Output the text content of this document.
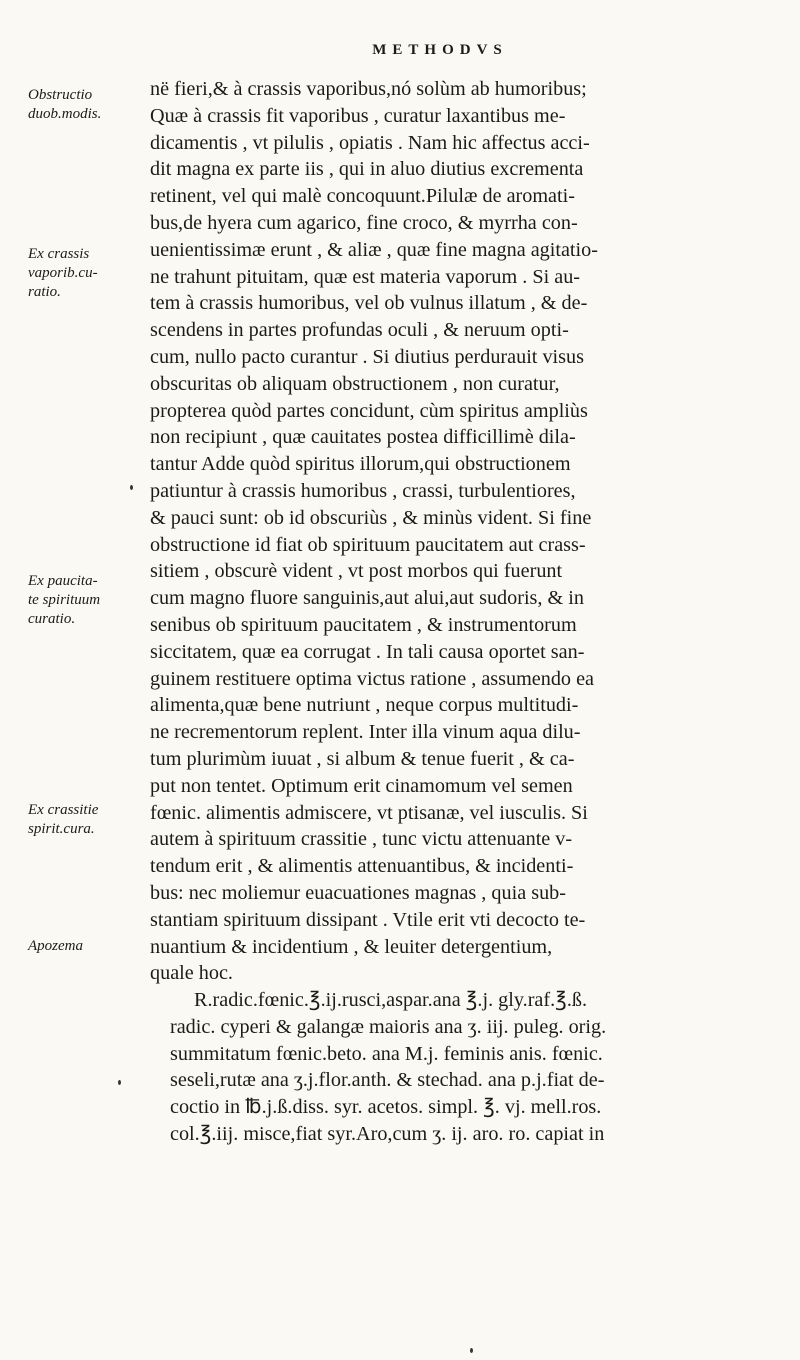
METHODVS
Obstructio
duob.modis.
Ex crassis
vaporib.cu-
ratio.
Ex paucita-
te spirituum
curatio.
Ex crassitie
spirit.cura.
Apozema
në fieri,& à crassis vaporibus,nó solùm ab humoribus;
Quæ à crassis fit vaporibus , curatur laxantibus me-
dicamentis , vt pilulis , opiatis . Nam hic affectus acci-
dit magna ex parte iis , qui in aluo diutius excrementa
retinent, vel qui malè concoquunt.Pilulæ de aromati-
bus,de hyera cum agarico, fine croco, & myrrha con-
uenientissimæ erunt , & aliæ , quæ fine magna agitatio-
ne trahunt pituitam, quæ est materia vaporum . Si au-
tem à crassis humoribus, vel ob vulnus illatum , & de-
scendens in partes profundas oculi , & neruum opti-
cum, nullo pacto curantur . Si diutius perdurauit visus
obscuritas ob aliquam obstructionem , non curatur,
propterea quòd partes concidunt, cùm spiritus ampliùs
non recipiunt , quæ cauitates postea difficillimè dila-
tantur Adde quòd spiritus illorum,qui obstructionem
patiuntur à crassis humoribus , crassi, turbulentiores,
& pauci sunt: ob id obscuriùs , & minùs vident. Si fine
obstructione id fiat ob spirituum paucitatem aut crass-
sitiem , obscurè vident , vt post morbos qui fuerunt
cum magno fluore sanguinis,aut alui,aut sudoris, & in
senibus ob spirituum paucitatem , & instrumentorum
siccitatem, quæ ea corrugat . In tali causa oportet san-
guinem restituere optima victus ratione , assumendo ea
alimenta,quæ bene nutriunt , neque corpus multitudi-
ne recrementorum replent. Inter illa vinum aqua dilu-
tum plurimùm iuuat , si album & tenue fuerit , & ca-
put non tentet. Optimum erit cinamomum vel semen
fœnic. alimentis admiscere, vt ptisanæ, vel iusculis. Si
autem à spirituum crassitie , tunc victu attenuante v-
tendum erit , & alimentis attenuantibus, & incidenti-
bus: nec moliemur euacuationes magnas , quia sub-
stantiam spirituum dissipant . Vtile erit vti decocto te-
nuantium & incidentium , & leuiter detergentium,
quale hoc.
R.radic.fœnic.℥.ij.rusci,aspar.ana ℥.j. gly.raf.℥.ß.
radic. cyperi & galangæ maioris ana ʒ. iij. puleg. orig.
summitatum fœnic.beto. ana M.j. feminis anis. fœnic.
seseli,rutæ ana ʒ.j.flor.anth. & stechad. ana p.j.fiat de-
coctio in ℔.j.ß.diss. syr. acetos. simpl. ℥. vj. mell.ros.
col.℥.iij. misce,fiat syr.Aro,cum ʒ. ij. aro. ro. capiat in
